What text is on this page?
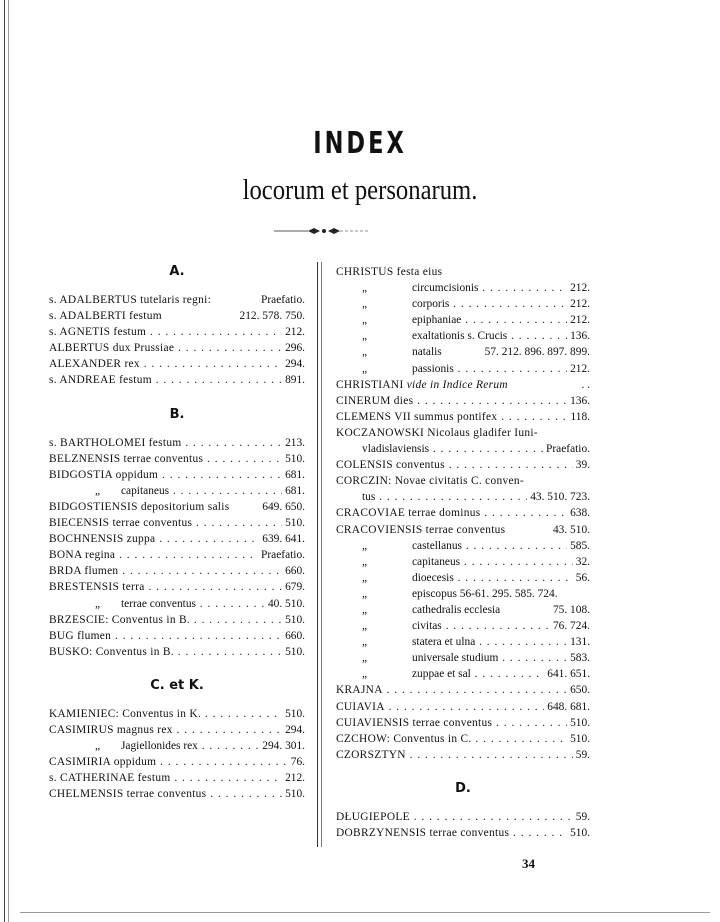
INDEX
locorum et personarum.
A.
s. ADALBERTUS tutelaris regni:	Praefatio.
s. ADALBERTI festum	212. 578. 750.
s. AGNETIS festum . . .	212.
ALBERTUS dux Prussiae . . .	296.
ALEXANDER rex . . .	294.
s. ANDREAE festum . . .	891.
B.
s. BARTHOLOMEI festum . . .	213.
BELZNENSIS terrae conventus . . .	510.
BIDGOSTIA oppidum . . .	681.
„ capitaneus . . .	681.
BIDGOSTIENSIS depositorium salis	649. 650.
BIECENSIS terrae conventus . . .	510.
BOCHNENSIS zuppa . . .	639. 641.
BONA regina . . .	Praefatio.
BRDA flumen . . .	660.
BRESTENSIS terra . . .	679.
„ terrae conventus . . .	40. 510.
BRZESCIE: Conventus in B. . . .	510.
BUG flumen . . .	660.
BUSKO: Conventus in B. . . .	510.
C. et K.
KAMIENIEC: Conventus in K. . . .	510.
CASIMIRUS magnus rex . . .	294.
„ Jagiellonides rex . . .	294. 301.
CASIMIRIA oppidum . . .	76.
s. CATHERINAE festum . . .	212.
CHELMENSIS terrae conventus . . .	510.
CHRISTUS festa eius
„	circumcisionis . . .	212.
„	corporis . . .	212.
„	epiphaniae . . .	212.
„	exaltationis s. Crucis . . .	136.
„	natalis	57. 212. 896. 897. 899.
„	passionis . . .	212.
CHRISTIANI vide in Indice Rerum	. .
CINERUM dies . . .	136.
CLEMENS VII summus pontifex . . .	118.
KOCZANOWSKI Nicolaus gladifer Iuni-
vladislaviensis . . .	Praefatio.
COLENSIS conventus . . .	39.
CORCZIN: Novae civitatis C. conven-
tus . . .	43. 510. 723.
CRACOVIAE terrae dominus . . .	638.
CRACOVIENSIS terrae conventus	43. 510.
„	castellanus . . .	585.
„	capitaneus . . .	32.
„	dioecesis . . .	56.
„	episcopus 56-61. 295. 585. 724.
„	cathedralis ecclesia	75. 108.
„	civitas . . .	76. 724.
„	statera et ulna . . .	131.
„	universale studium . . .	583.
„	zuppae et sal . . .	641. 651.
KRAJNA . . .	650.
CUIAVIA . . .	648. 681.
CUIAVIENSIS terrae conventus . . .	510.
CZCHOW: Conventus in C. . . .	510.
CZORSZTYN . . .	59.
D.
DŁUGIEPOLE . . .	59.
DOBRZYNENSIS terrae conventus . . .	510.
34
